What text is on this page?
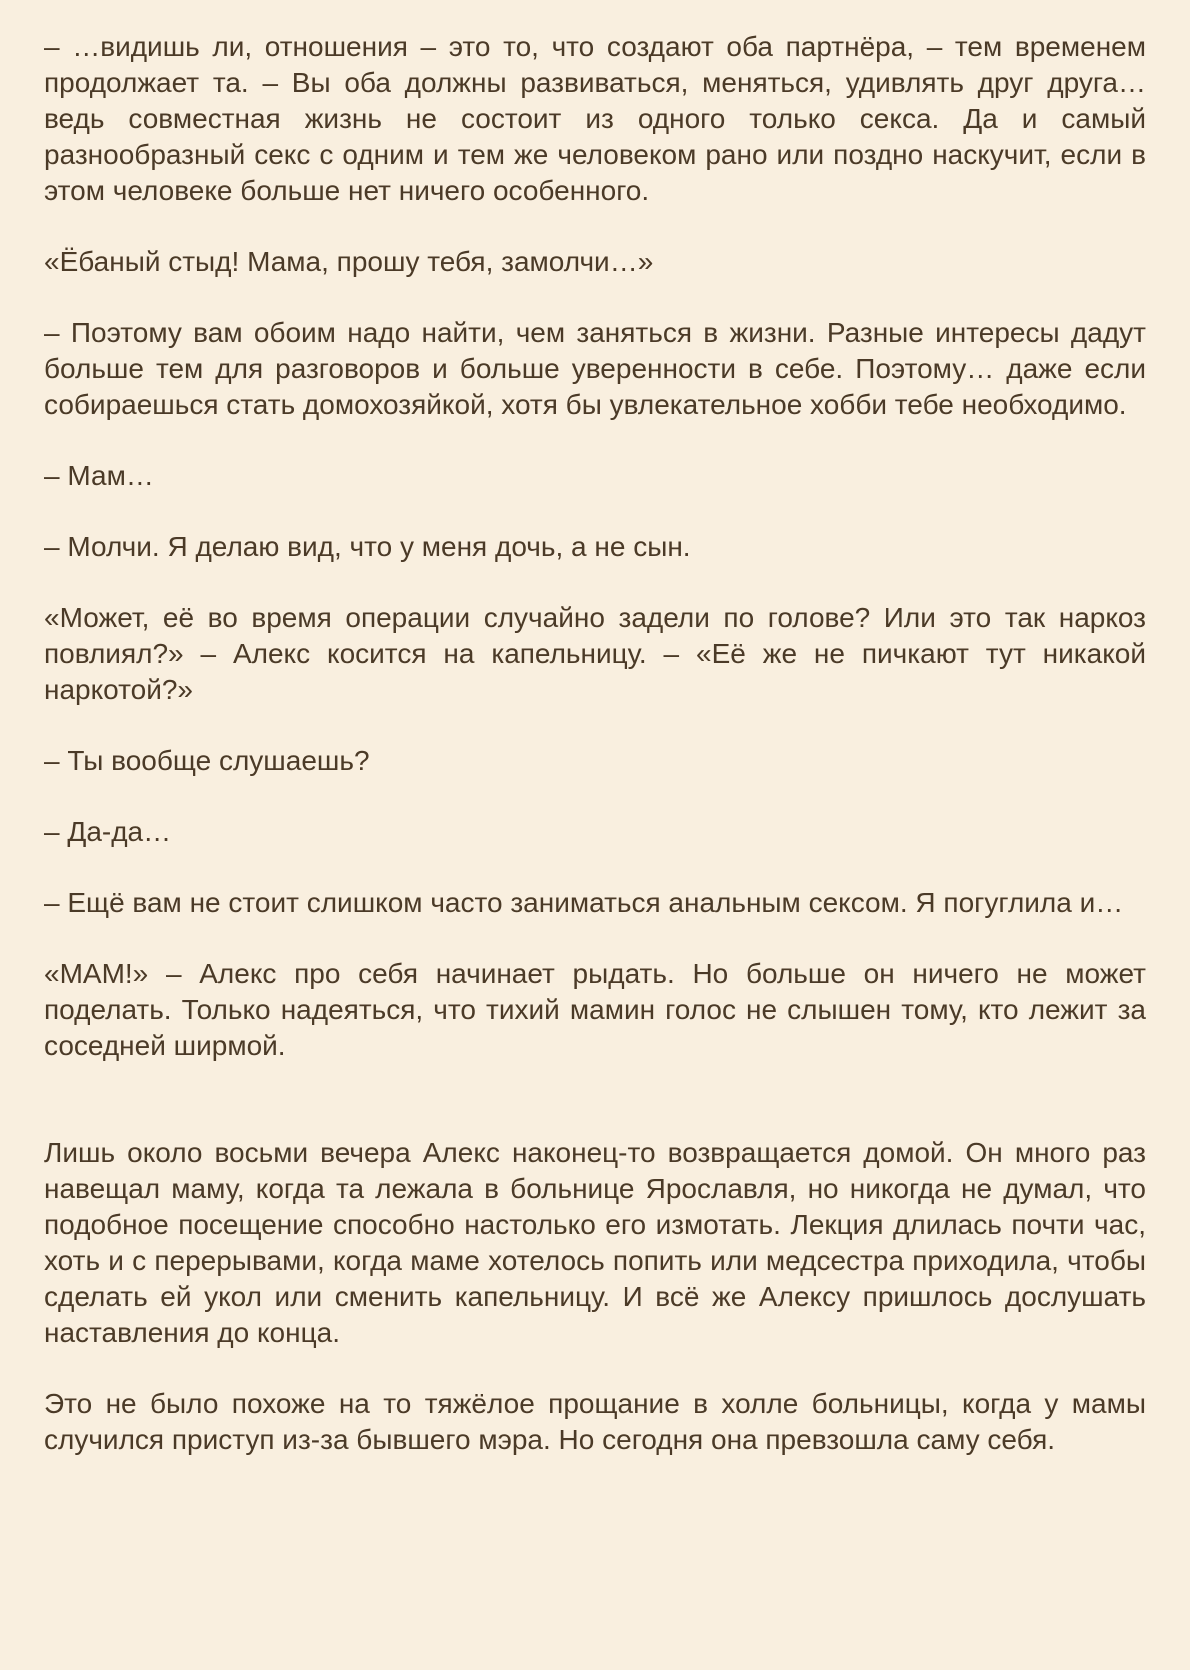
– …видишь ли, отношения – это то, что создают оба партнёра, – тем временем продолжает та. – Вы оба должны развиваться, меняться, удивлять друг друга… ведь совместная жизнь не состоит из одного только секса. Да и самый разнообразный секс с одним и тем же человеком рано или поздно наскучит, если в этом человеке больше нет ничего особенного.

«Ёбаный стыд! Мама, прошу тебя, замолчи…»

– Поэтому вам обоим надо найти, чем заняться в жизни. Разные интересы дадут больше тем для разговоров и больше уверенности в себе. Поэтому… даже если собираешься стать домохозяйкой, хотя бы увлекательное хобби тебе необходимо.

– Мам…

– Молчи. Я делаю вид, что у меня дочь, а не сын.

«Может, её во время операции случайно задели по голове? Или это так наркоз повлиял?» – Алекс косится на капельницу. – «Её же не пичкают тут никакой наркотой?»

– Ты вообще слушаешь?

– Да-да…

– Ещё вам не стоит слишком часто заниматься анальным сексом. Я погуглила и…

«МАМ!» – Алекс про себя начинает рыдать. Но больше он ничего не может поделать. Только надеяться, что тихий мамин голос не слышен тому, кто лежит за соседней ширмой.

Лишь около восьми вечера Алекс наконец-то возвращается домой. Он много раз навещал маму, когда та лежала в больнице Ярославля, но никогда не думал, что подобное посещение способно настолько его измотать. Лекция длилась почти час, хоть и с перерывами, когда маме хотелось попить или медсестра приходила, чтобы сделать ей укол или сменить капельницу. И всё же Алексу пришлось дослушать наставления до конца.

Это не было похоже на то тяжёлое прощание в холле больницы, когда у мамы случился приступ из-за бывшего мэра. Но сегодня она превзошла саму себя.
